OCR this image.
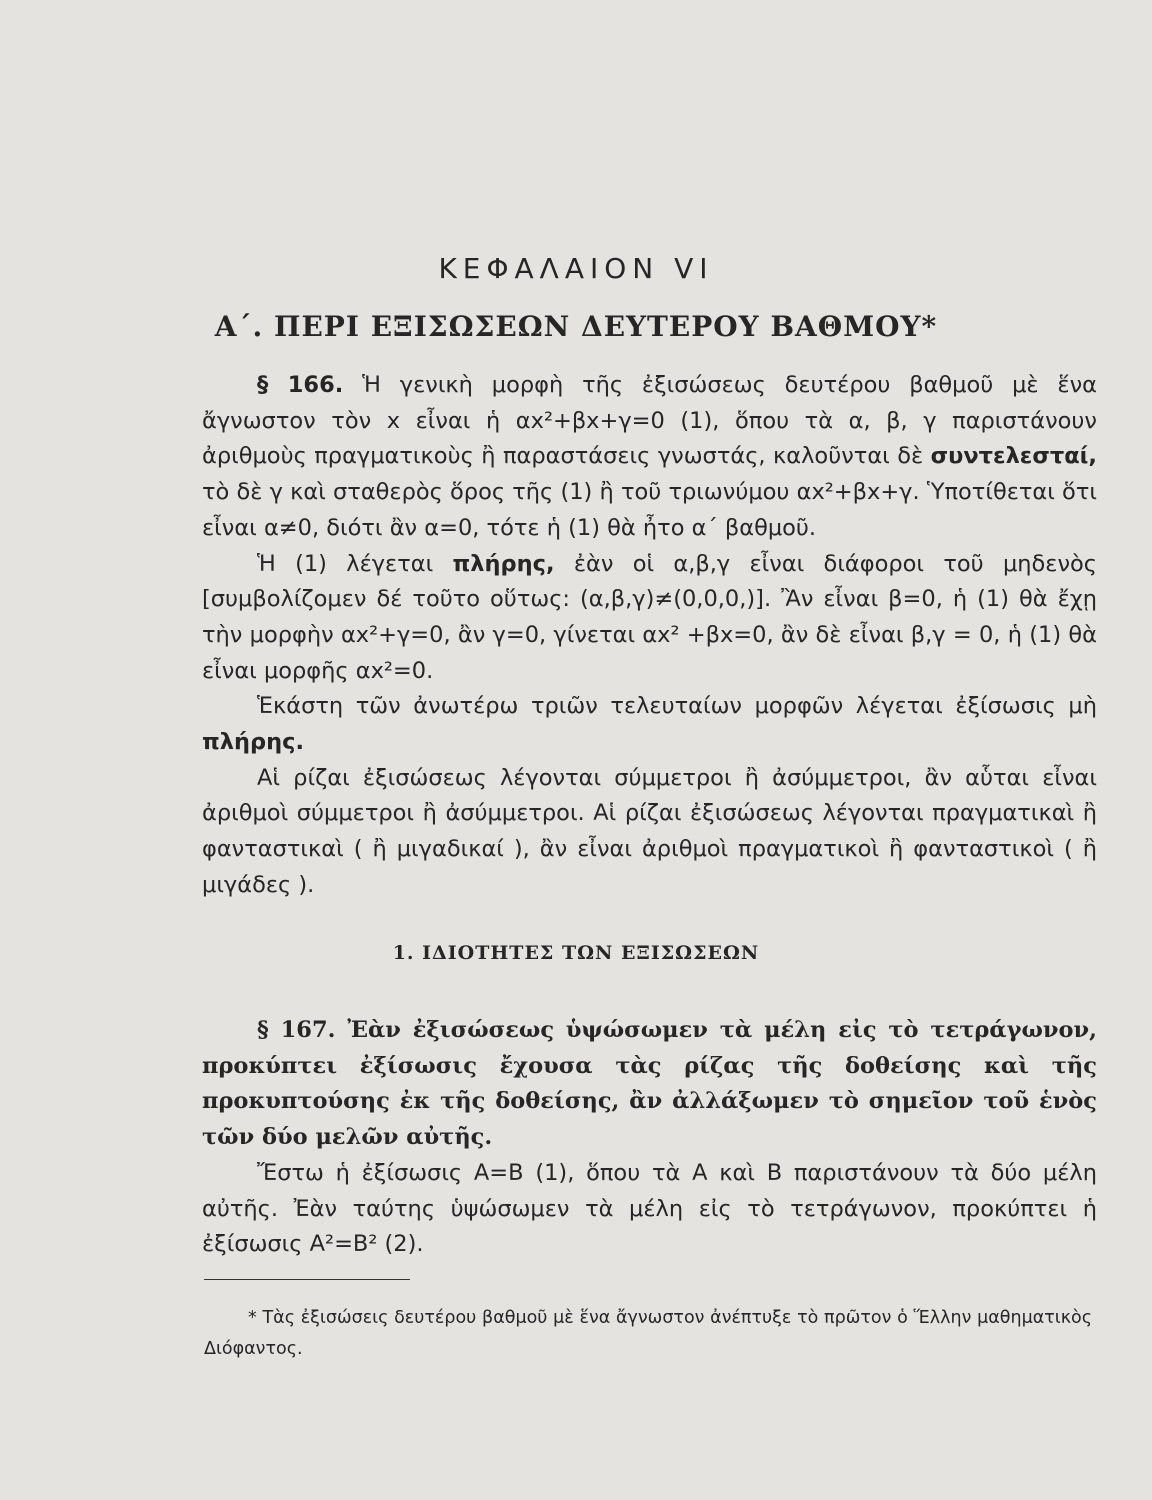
ΚΕΦΑΛΑΙΟΝ VI
Α΄. ΠΕΡΙ ΕΞΙΣΩΣΕΩΝ ΔΕΥΤΕΡΟΥ ΒΑΘΜΟΥ*

§ 166. Ἡ γενικὴ μορφὴ τῆς ἐξισώσεως δευτέρου βαθμοῦ μὲ ἕνα ἄγνωστον τὸν x εἶναι ἡ αx²+βx+γ=0 (1), ὅπου τὰ α, β, γ παριστάνουν ἀριθμοὺς πραγματικοὺς ἢ παραστάσεις γνωστάς, καλοῦνται δὲ συντελεσταί, τὸ δὲ γ καὶ σταθερὸς ὅρος τῆς (1) ἢ τοῦ τριωνύμου αx²+βx+γ. Ὑποτίθεται ὅτι εἶναι α≠0, διότι ἂν α=0, τότε ἡ (1) θὰ ἦτο α΄ βαθμοῦ.

Ἡ (1) λέγεται πλήρης, ἐὰν οἱ α,β,γ εἶναι διάφοροι τοῦ μηδενὸς [συμβολίζομεν δέ τοῦτο οὕτως: (α,β,γ)≠(0,0,0,)]. Ἂν εἶναι β=0, ἡ (1) θὰ ἔχῃ τὴν μορφὴν αx²+γ=0, ἂν γ=0, γίνεται αx² +βx=0, ἂν δὲ εἶναι β,γ = 0, ἡ (1) θὰ εἶναι μορφῆς αx²=0.

Ἑκάστη τῶν ἀνωτέρω τριῶν τελευταίων μορφῶν λέγεται ἐξίσωσις μὴ πλήρης.

Αἱ ρίζαι ἐξισώσεως λέγονται σύμμετροι ἢ ἀσύμμετροι, ἂν αὗται εἶναι ἀριθμοὶ σύμμετροι ἢ ἀσύμμετροι. Αἱ ρίζαι ἐξισώσεως λέγονται πραγματικαὶ ἢ φανταστικαὶ ( ἢ μιγαδικαί ), ἂν εἶναι ἀριθμοὶ πραγματικοὶ ἢ φανταστικοὶ ( ἢ μιγάδες ).

1. ΙΔΙΟΤΗΤΕΣ ΤΩΝ ΕΞΙΣΩΣΕΩΝ

§ 167. Ἐὰν ἐξισώσεως ὑψώσωμεν τὰ μέλη εἰς τὸ τετράγωνον, προκύπτει ἐξίσωσις ἔχουσα τὰς ρίζας τῆς δοθείσης καὶ τῆς προκυπτούσης ἐκ τῆς δοθείσης, ἂν ἀλλάξωμεν τὸ σημεῖον τοῦ ἑνὸς τῶν δύο μελῶν αὐτῆς.

Ἔστω ἡ ἐξίσωσις Α=Β (1), ὅπου τὰ Α καὶ Β παριστάνουν τὰ δύο μέλη αὐτῆς. Ἐὰν ταύτης ὑψώσωμεν τὰ μέλη εἰς τὸ τετράγωνον, προκύπτει ἡ ἐξίσωσις Α²=Β² (2).

* Τὰς ἐξισώσεις δευτέρου βαθμοῦ μὲ ἕνα ἄγνωστον ἀνέπτυξε τὸ πρῶτον ὁ Ἕλλην μαθηματικὸς Διόφαντος.
